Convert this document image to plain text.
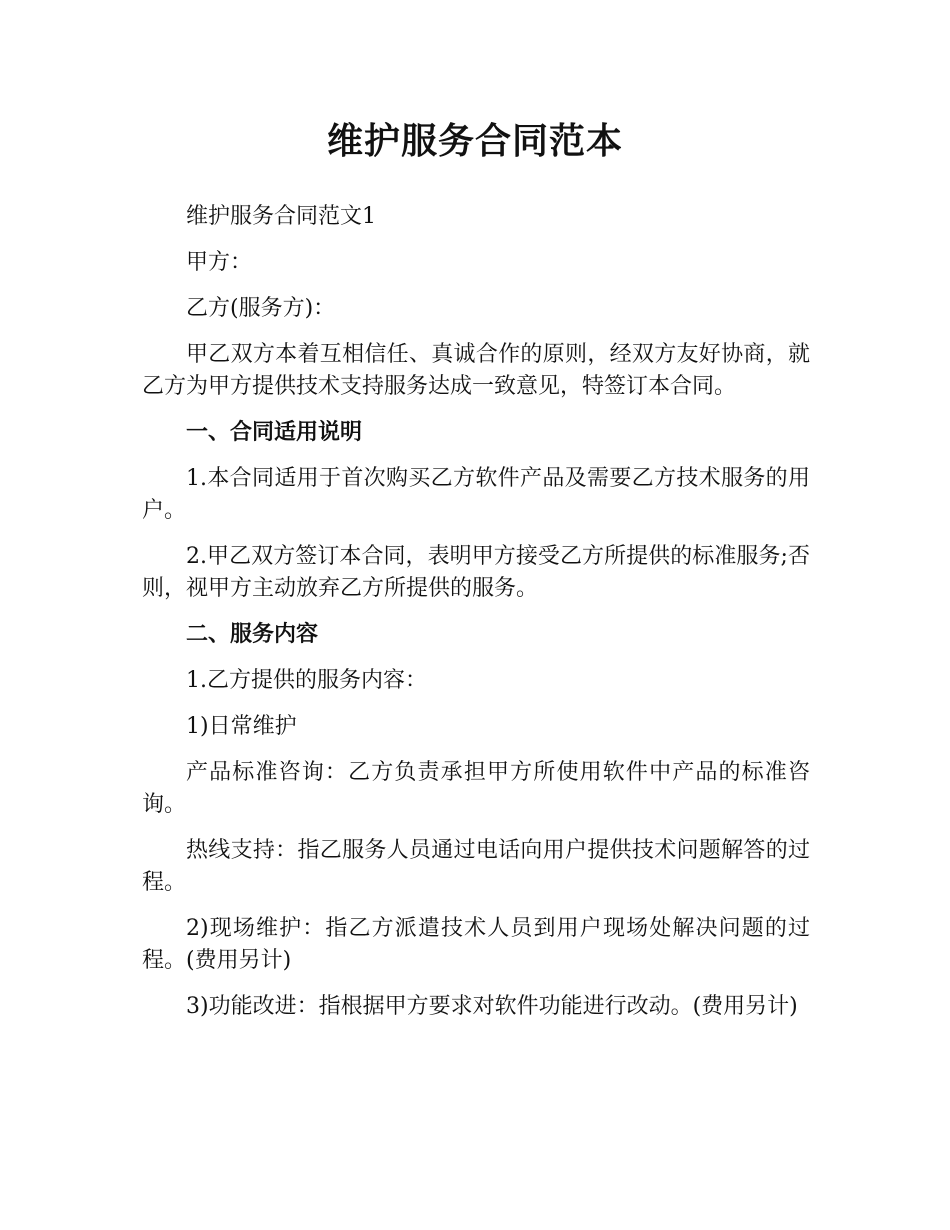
维护服务合同范本

维护服务合同范文1

甲方：

乙方(服务方)：

甲乙双方本着互相信任、真诚合作的原则，经双方友好协商，就乙方为甲方提供技术支持服务达成一致意见，特签订本合同。

一、合同适用说明

1.本合同适用于首次购买乙方软件产品及需要乙方技术服务的用户。

2.甲乙双方签订本合同，表明甲方接受乙方所提供的标准服务;否则，视甲方主动放弃乙方所提供的服务。

二、服务内容

1.乙方提供的服务内容：

1)日常维护

产品标准咨询：乙方负责承担甲方所使用软件中产品的标准咨询。

热线支持：指乙服务人员通过电话向用户提供技术问题解答的过程。

2)现场维护：指乙方派遣技术人员到用户现场处解决问题的过程。(费用另计)

3)功能改进：指根据甲方要求对软件功能进行改动。(费用另计)
